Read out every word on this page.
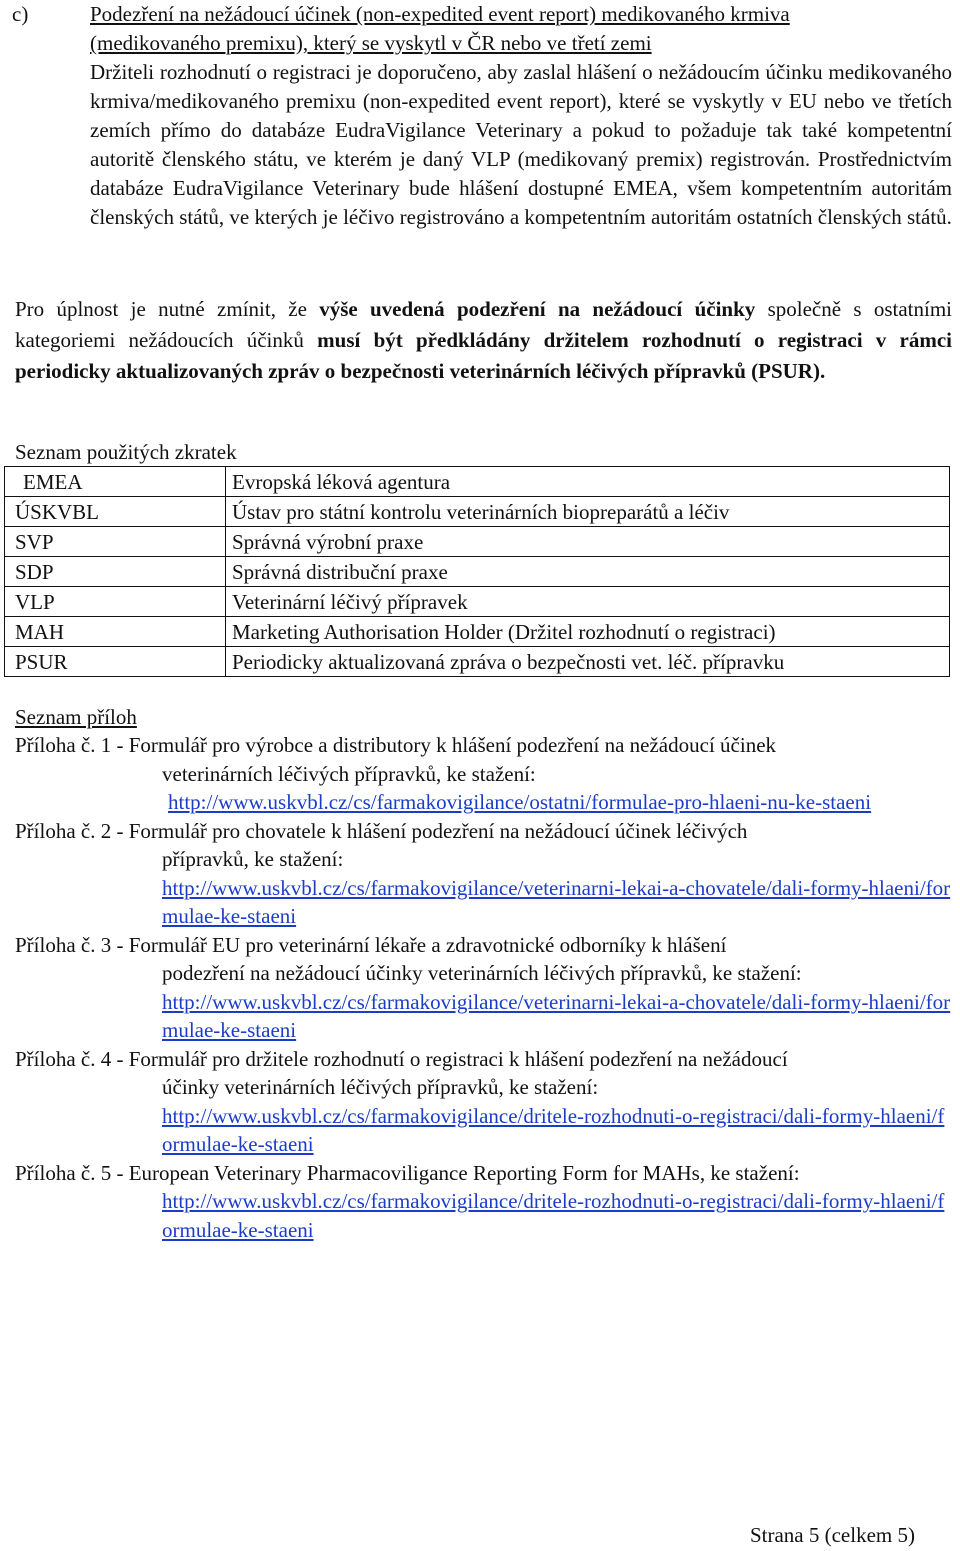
c)	Podezření na nežádoucí účinek (non-expedited event report) medikovaného krmiva
(medikovaného premixu), který se vyskytl v ČR nebo ve třetí zemi
Držiteli rozhodnutí o registraci je doporučeno, aby zaslal hlášení o nežádoucím účinku medikovaného krmiva/medikovaného premixu (non-expedited event report), které se vyskytly v EU nebo ve třetích zemích přímo do databáze EudraVigilance Veterinary a pokud to požaduje tak také kompetentní autoritě členského státu, ve kterém je daný VLP (medikovaný premix) registrován. Prostřednictvím databáze EudraVigilance Veterinary bude hlášení dostupné EMEA, všem kompetentním autoritám členských států, ve kterých je léčivo registrováno a kompetentním autoritám ostatních členských států.
Pro úplnost je nutné zmínit, že výše uvedená podezření na nežádoucí účinky společně s ostatními kategoriemi nežádoucích účinků musí být předkládány držitelem rozhodnutí o registraci v rámci periodicky aktualizovaných zpráv o bezpečnosti veterinárních léčivých přípravků (PSUR).
Seznam použitých zkratek
EMEA	Evropská léková agentura
ÚSKVBL	Ústav pro státní kontrolu veterinárních biopreparátů a léčiv
SVP	Správná výrobní praxe
SDP	Správná distribuční praxe
VLP	Veterinární léčivý přípravek
MAH	Marketing Authorisation Holder (Držitel rozhodnutí o registraci)
PSUR	Periodicky aktualizovaná zpráva o bezpečnosti vet. léč. přípravku
Seznam příloh
Příloha č. 1 - Formulář pro výrobce a distributory k hlášení podezření na nežádoucí účinek
veterinárních léčivých přípravků, ke stažení:
http://www.uskvbl.cz/cs/farmakovigilance/ostatni/formulae-pro-hlaeni-nu-ke-staeni
Příloha č. 2 - Formulář pro chovatele k hlášení podezření na nežádoucí účinek léčivých
přípravků, ke stažení:
http://www.uskvbl.cz/cs/farmakovigilance/veterinarni-lekai-a-chovatele/dali-formy-hlaeni/formulae-ke-staeni
Příloha č. 3 - Formulář EU pro veterinární lékaře a zdravotnické odborníky k hlášení
podezření na nežádoucí účinky veterinárních léčivých přípravků, ke stažení:
http://www.uskvbl.cz/cs/farmakovigilance/veterinarni-lekai-a-chovatele/dali-formy-hlaeni/formulae-ke-staeni
Příloha č. 4 - Formulář pro držitele rozhodnutí o registraci k hlášení podezření na nežádoucí
účinky veterinárních léčivých přípravků, ke stažení:
http://www.uskvbl.cz/cs/farmakovigilance/dritele-rozhodnuti-o-registraci/dali-formy-hlaeni/formulae-ke-staeni
Příloha č. 5 - European Veterinary Pharmacoviligance Reporting Form for MAHs, ke stažení:
http://www.uskvbl.cz/cs/farmakovigilance/dritele-rozhodnuti-o-registraci/dali-formy-hlaeni/formulae-ke-staeni
Strana 5 (celkem 5)
